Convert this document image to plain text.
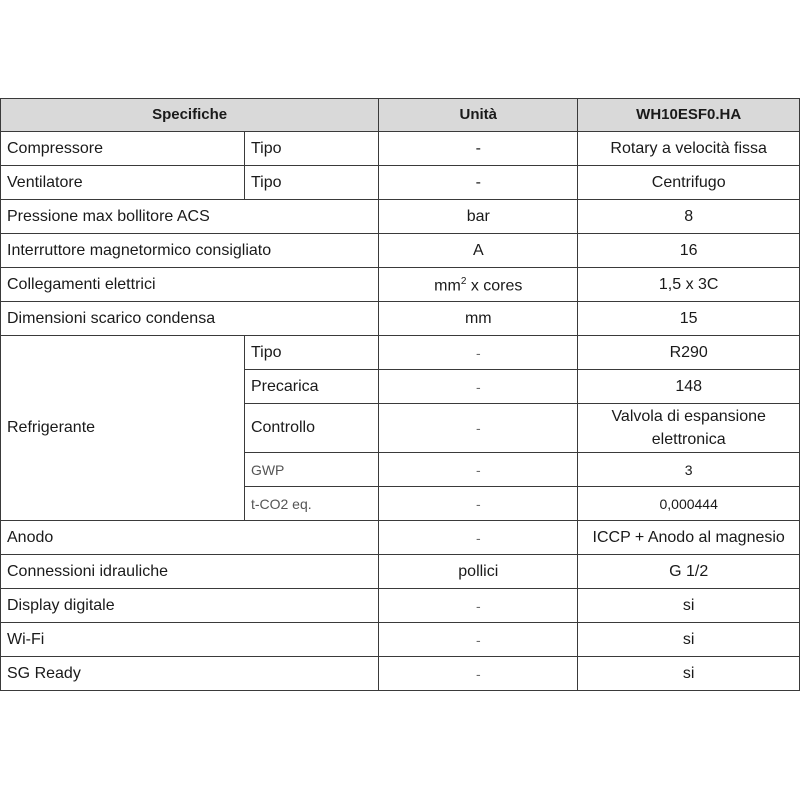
Specifiche		Unità	WH10ESF0.HA
Compressore	Tipo	-	Rotary a velocità fissa
Ventilatore	Tipo	-	Centrifugo
Pressione max bollitore ACS		bar	8
Interruttore magnetormico consigliato		A	16
Collegamenti elettrici		$mm^2$ x cores	1,5 x 3C
Dimensioni scarico condensa		mm	15
Refrigerante	Tipo	-	R290
	Precarica	-	148
	Controllo	-	Valvola di espansione elettronica
	GWP	-	3
	t-CO2 eq.	-	0,000444
Anodo		-	ICCP + Anodo al magnesio
Connessioni idrauliche		pollici	G 1/2
Display digitale		-	si
Wi-Fi		-	si
SG Ready		-	si
